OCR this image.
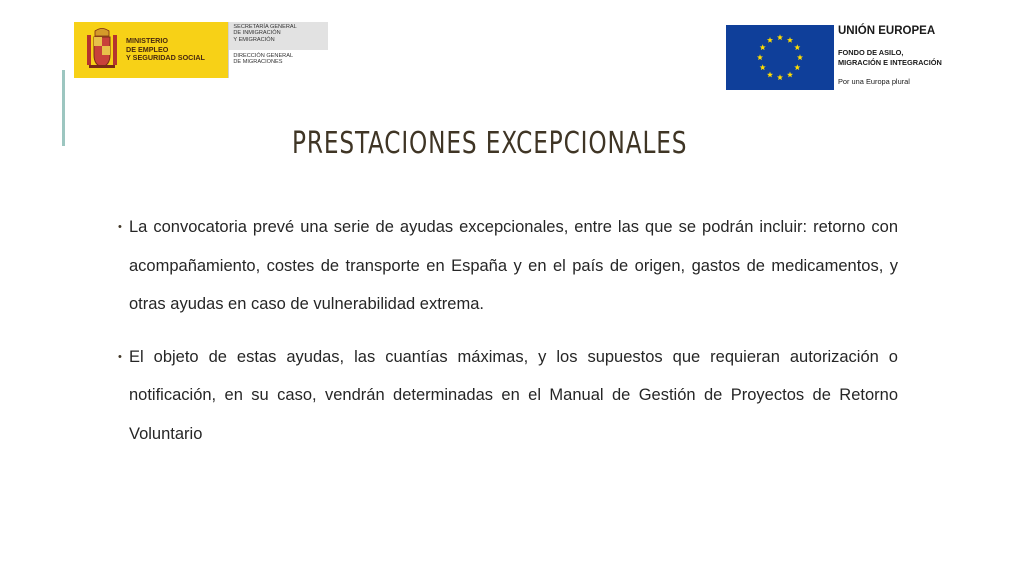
MINISTERIO
DE EMPLEO
Y SEGURIDAD SOCIAL
SECRETARÍA GENERAL
DE INMIGRACIÓN
Y EMIGRACIÓN
DIRECCIÓN GENERAL
DE MIGRACIONES
UNIÓN EUROPEA
FONDO DE ASILO,
MIGRACIÓN E INTEGRACIÓN
Por una Europa plural
PRESTACIONES EXCEPCIONALES
• La convocatoria prevé una serie de ayudas excepcionales, entre las que se podrán incluir: retorno con acompañamiento, costes de transporte en España y en el país de origen, gastos de medicamentos, y otras ayudas en caso de vulnerabilidad extrema.
• El objeto de estas ayudas, las cuantías máximas, y los supuestos que requieran autorización o notificación, en su caso, vendrán determinadas en el Manual de Gestión de Proyectos de Retorno Voluntario
